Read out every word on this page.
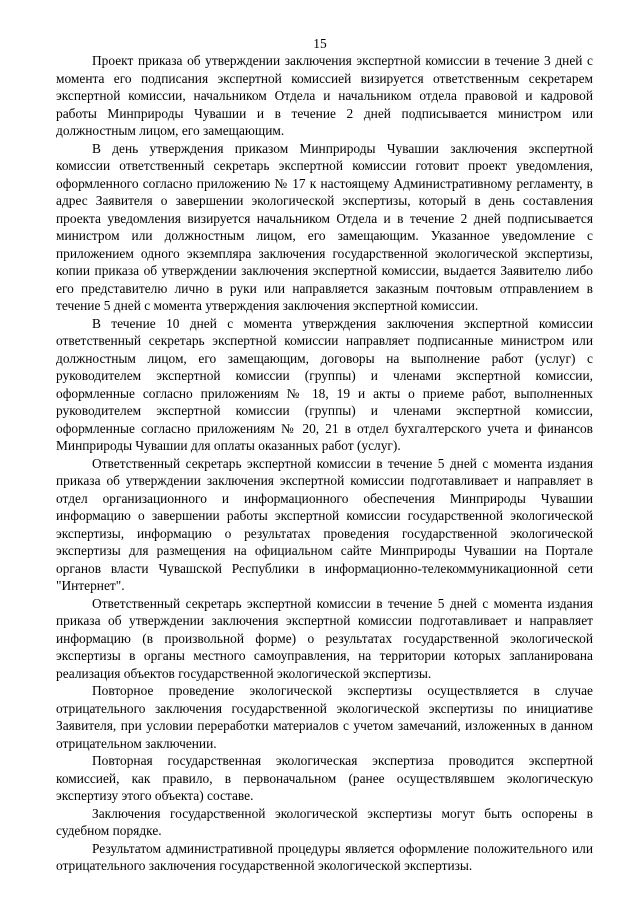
15

Проект приказа об утверждении заключения экспертной комиссии в течение 3 дней с момента его подписания экспертной комиссией визируется ответственным секретарем экспертной комиссии, начальником Отдела и начальником отдела правовой и кадровой работы Минприроды Чувашии и в течение 2 дней подписывается министром или должностным лицом, его замещающим.

В день утверждения приказом Минприроды Чувашии заключения экспертной комиссии ответственный секретарь экспертной комиссии готовит проект уведомления, оформленного согласно приложению № 17 к настоящему Административному регламенту, в адрес Заявителя о завершении экологической экспертизы, который в день составления проекта уведомления визируется начальником Отдела и в течение 2 дней подписывается министром или должностным лицом, его замещающим. Указанное уведомление с приложением одного экземпляра заключения государственной экологической экспертизы, копии приказа об утверждении заключения экспертной комиссии, выдается Заявителю либо его представителю лично в руки или направляется заказным почтовым отправлением в течение 5 дней с момента утверждения заключения экспертной комиссии.

В течение 10 дней с момента утверждения заключения экспертной комиссии ответственный секретарь экспертной комиссии направляет подписанные министром или должностным лицом, его замещающим, договоры на выполнение работ (услуг) с руководителем экспертной комиссии (группы) и членами экспертной комиссии, оформленные согласно приложениям № 18, 19 и акты о приеме работ, выполненных руководителем экспертной комиссии (группы) и членами экспертной комиссии, оформленные согласно приложениям № 20, 21 в отдел бухгалтерского учета и финансов Минприроды Чувашии для оплаты оказанных работ (услуг).

Ответственный секретарь экспертной комиссии в течение 5 дней с момента издания приказа об утверждении заключения экспертной комиссии подготавливает и направляет в отдел организационного и информационного обеспечения Минприроды Чувашии информацию о завершении работы экспертной комиссии государственной экологической экспертизы, информацию о результатах проведения государственной экологической экспертизы для размещения на официальном сайте Минприроды Чувашии на Портале органов власти Чувашской Республики в информационно-телекоммуникационной сети "Интернет".

Ответственный секретарь экспертной комиссии в течение 5 дней с момента издания приказа об утверждении заключения экспертной комиссии подготавливает и направляет информацию (в произвольной форме) о результатах государственной экологической экспертизы в органы местного самоуправления, на территории которых запланирована реализация объектов государственной экологической экспертизы.

Повторное проведение экологической экспертизы осуществляется в случае отрицательного заключения государственной экологической экспертизы по инициативе Заявителя, при условии переработки материалов с учетом замечаний, изложенных в данном отрицательном заключении.

Повторная государственная экологическая экспертиза проводится экспертной комиссией, как правило, в первоначальном (ранее осуществлявшем экологическую экспертизу этого объекта) составе.

Заключения государственной экологической экспертизы могут быть оспорены в судебном порядке.

Результатом административной процедуры является оформление положительного или отрицательного заключения государственной экологической экспертизы.
